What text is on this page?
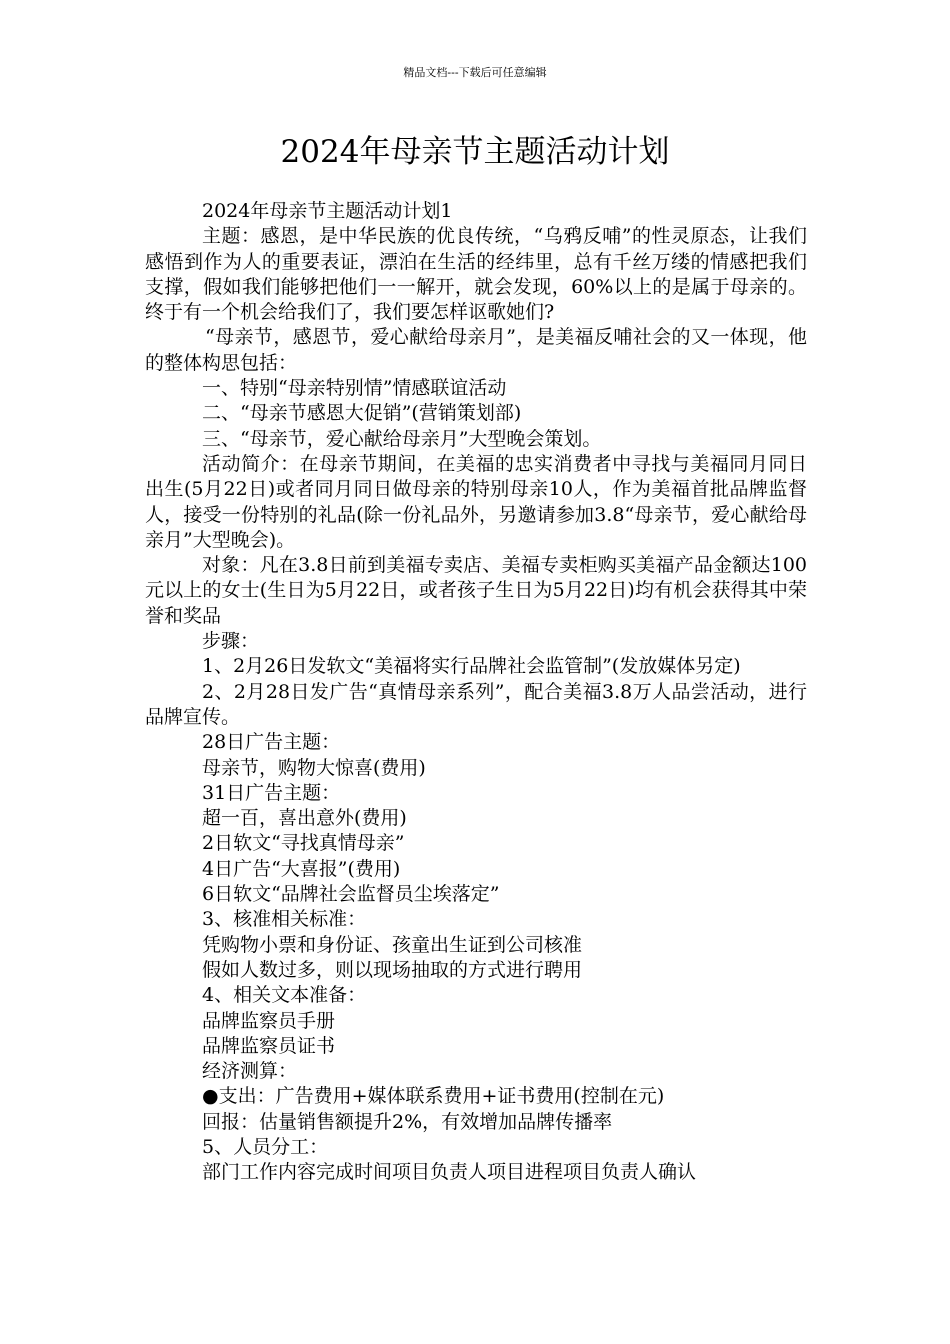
精品文档---下载后可任意编辑
2024年母亲节主题活动计划

2024年母亲节主题活动计划1

主题：感恩，是中华民族的优良传统，“乌鸦反哺”的性灵原态，让我们感悟到作为人的重要表证，漂泊在生活的经纬里，总有千丝万缕的情感把我们支撑，假如我们能够把他们一一解开，就会发现，60%以上的是属于母亲的。终于有一个机会给我们了，我们要怎样讴歌她们?

“母亲节，感恩节，爱心献给母亲月”，是美福反哺社会的又一体现，他的整体构思包括：

一、特别“母亲特别情”情感联谊活动

二、“母亲节感恩大促销”(营销策划部)

三、“母亲节，爱心献给母亲月”大型晚会策划。

活动简介：在母亲节期间，在美福的忠实消费者中寻找与美福同月同日出生(5月22日)或者同月同日做母亲的特别母亲10人，作为美福首批品牌监督人，接受一份特别的礼品(除一份礼品外，另邀请参加3.8“母亲节，爱心献给母亲月”大型晚会)。

对象：凡在3.8日前到美福专卖店、美福专卖柜购买美福产品金额达100元以上的女士(生日为5月22日，或者孩子生日为5月22日)均有机会获得其中荣誉和奖品

步骤：

1、2月26日发软文“美福将实行品牌社会监管制”(发放媒体另定)

2、2月28日发广告“真情母亲系列”，配合美福3.8万人品尝活动，进行品牌宣传。

28日广告主题：

母亲节，购物大惊喜(费用)

31日广告主题：

超一百，喜出意外(费用)

2日软文“寻找真情母亲”

4日广告“大喜报”(费用)

6日软文“品牌社会监督员尘埃落定”

3、核准相关标准：

凭购物小票和身份证、孩童出生证到公司核准

假如人数过多，则以现场抽取的方式进行聘用

4、相关文本准备：

品牌监察员手册

品牌监察员证书

经济测算：

●支出：广告费用+媒体联系费用+证书费用(控制在元)

回报：估量销售额提升2%，有效增加品牌传播率

5、人员分工：

部门工作内容完成时间项目负责人项目进程项目负责人确认
